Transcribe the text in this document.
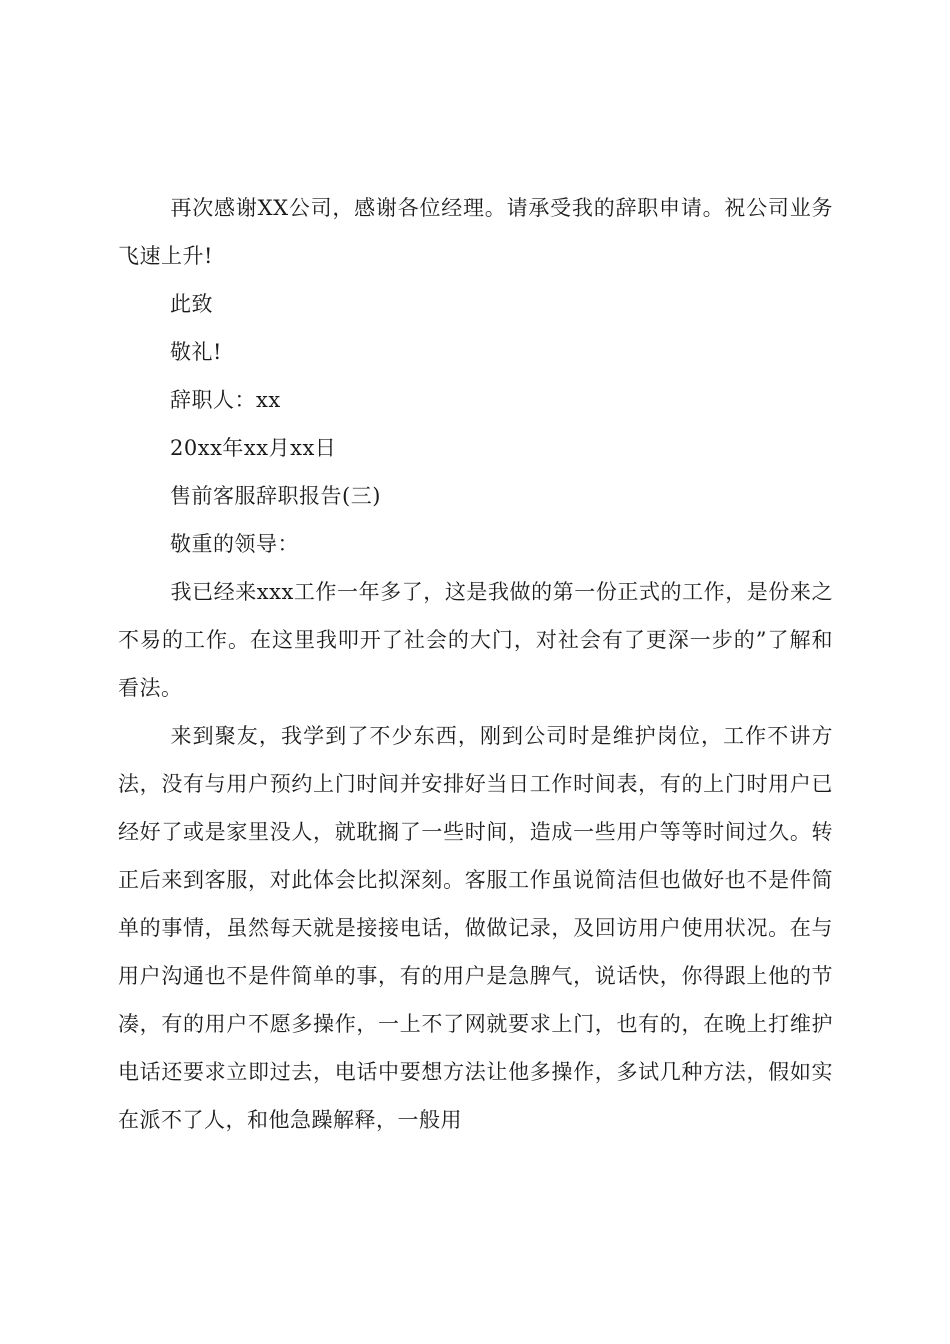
再次感谢XX公司，感谢各位经理。请承受我的辞职申请。祝公司业务飞速上升!

此致

敬礼!

辞职人：xx

20xx年xx月xx日

售前客服辞职报告(三)

敬重的领导：

我已经来xxx工作一年多了，这是我做的第一份正式的工作，是份来之不易的工作。在这里我叩开了社会的大门，对社会有了更深一步的”了解和看法。

来到聚友，我学到了不少东西，刚到公司时是维护岗位，工作不讲方法，没有与用户预约上门时间并安排好当日工作时间表，有的上门时用户已经好了或是家里没人，就耽搁了一些时间，造成一些用户等等时间过久。转正后来到客服，对此体会比拟深刻。客服工作虽说简洁但也做好也不是件简单的事情，虽然每天就是接接电话，做做记录，及回访用户使用状况。在与用户沟通也不是件简单的事，有的用户是急脾气，说话快，你得跟上他的节凑，有的用户不愿多操作，一上不了网就要求上门，也有的，在晚上打维护电话还要求立即过去，电话中要想方法让他多操作，多试几种方法，假如实在派不了人，和他急躁解释，一般用
